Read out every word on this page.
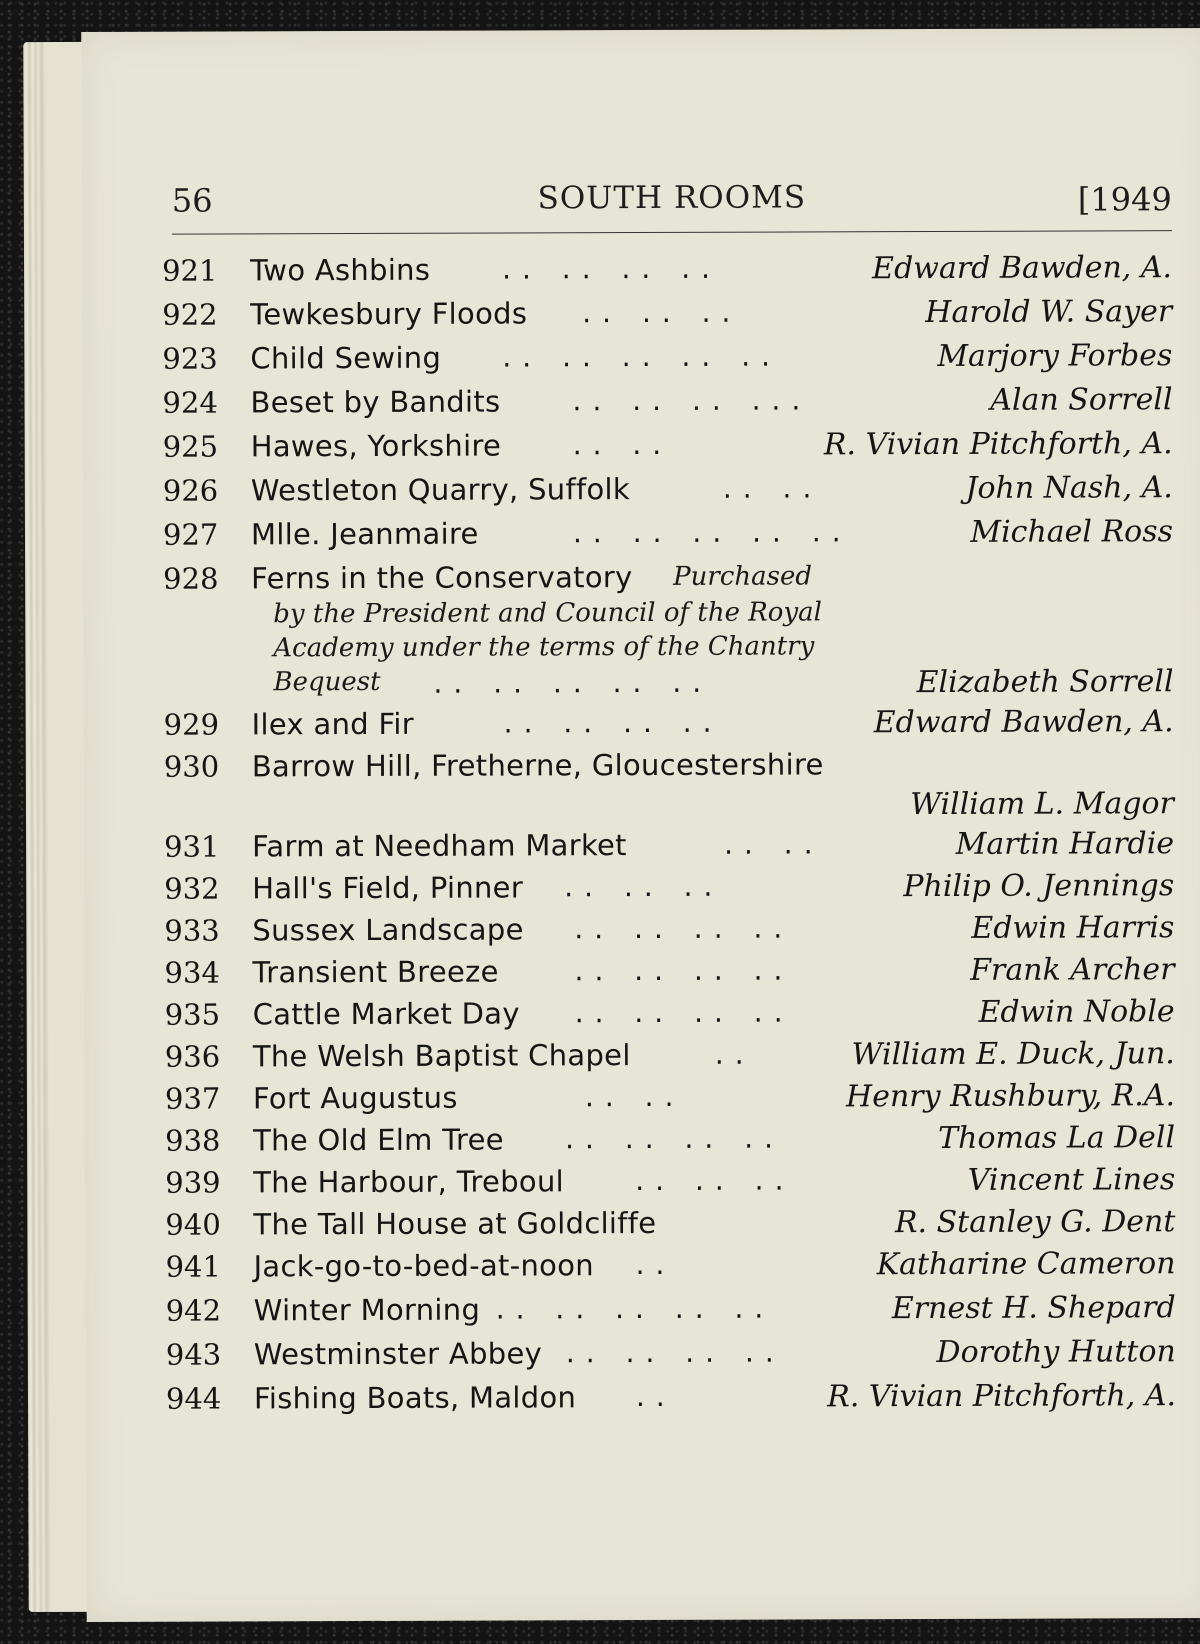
56	SOUTH ROOMS	[1949
921 Two Ashbins	.. .. .. ..	Edward Bawden, A.
922 Tewkesbury Floods .. .. ..	Harold W. Sayer
923 Child Sewing .. .. .. .. ..	Marjory Forbes
924 Beset by Bandits	.. .. .. ...	Alan Sorrell
925 Hawes, Yorkshire	.. ..	R. Vivian Pitchforth, A.
926 Westleton Quarry, Suffolk	.. ..	John Nash, A.
927 Mlle. Jeanmaire	.. .. .. .. ..	Michael Ross
928 Ferns in the Conservatory Purchased
by the President and Council of the Royal
Academy under the terms of the Chantry
Bequest .. .. .. .. ..	Elizabeth Sorrell
929 Ilex and Fir	.. .. .. ..	Edward Bawden, A.
930 Barrow Hill, Fretherne, Gloucestershire
William L. Magor
931 Farm at Needham Market	.. ..	Martin Hardie
932 Hall's Field, Pinner .. .. ..	Philip O. Jennings
933 Sussex Landscape .. .. .. ..	Edwin Harris
934 Transient Breeze	.. .. .. ..	Frank Archer
935 Cattle Market Day .. .. .. ..	Edwin Noble
936 The Welsh Baptist Chapel	..	William E. Duck, Jun.
937 Fort Augustus	.. ..	Henry Rushbury, R.A.
938 The Old Elm Tree .. .. .. ..	Thomas La Dell
939 The Harbour, Treboul	.. .. ..	Vincent Lines
940 The Tall House at Goldcliffe	R. Stanley G. Dent
941 Jack-go-to-bed-at-noon ..	Katharine Cameron
942 Winter Morning .. .. .. .. ..	Ernest H. Shepard
943 Westminster Abbey .. .. .. ..	Dorothy Hutton
944 Fishing Boats, Maldon ..	R. Vivian Pitchforth, A.
